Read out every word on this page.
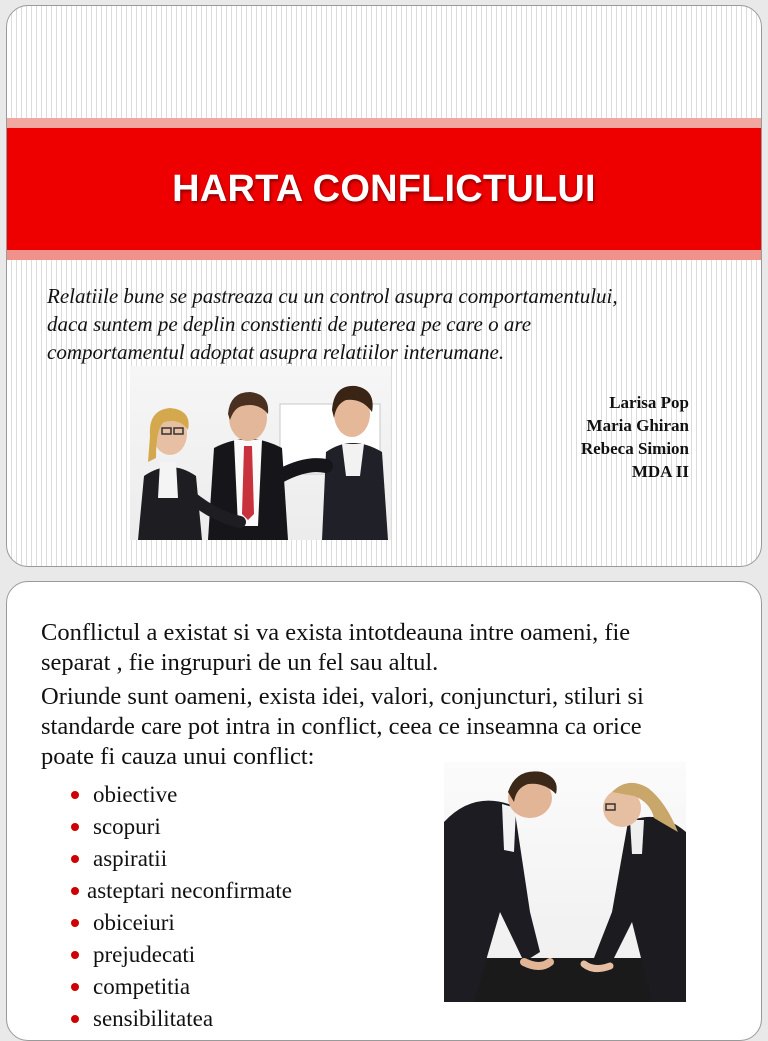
HARTA CONFLICTULUI
Relatiile bune se pastreaza cu un control asupra comportamentului,
daca suntem pe deplin constienti de puterea pe care o are
comportamentul adoptat asupra relatiilor interumane.
Larisa Pop
Maria Ghiran
Rebeca Simion
MDA II

Conflictul a existat si va exista intotdeauna intre oameni, fie
separat , fie ingrupuri de un fel sau altul.

Oriunde sunt oameni, exista idei, valori, conjuncturi, stiluri si
standarde care pot intra in conflict, ceea ce inseamna ca orice
poate fi cauza unui conflict:

obiective
scopuri
aspiratii
asteptari neconfirmate
obiceiuri
prejudecati
competitia
sensibilitatea
